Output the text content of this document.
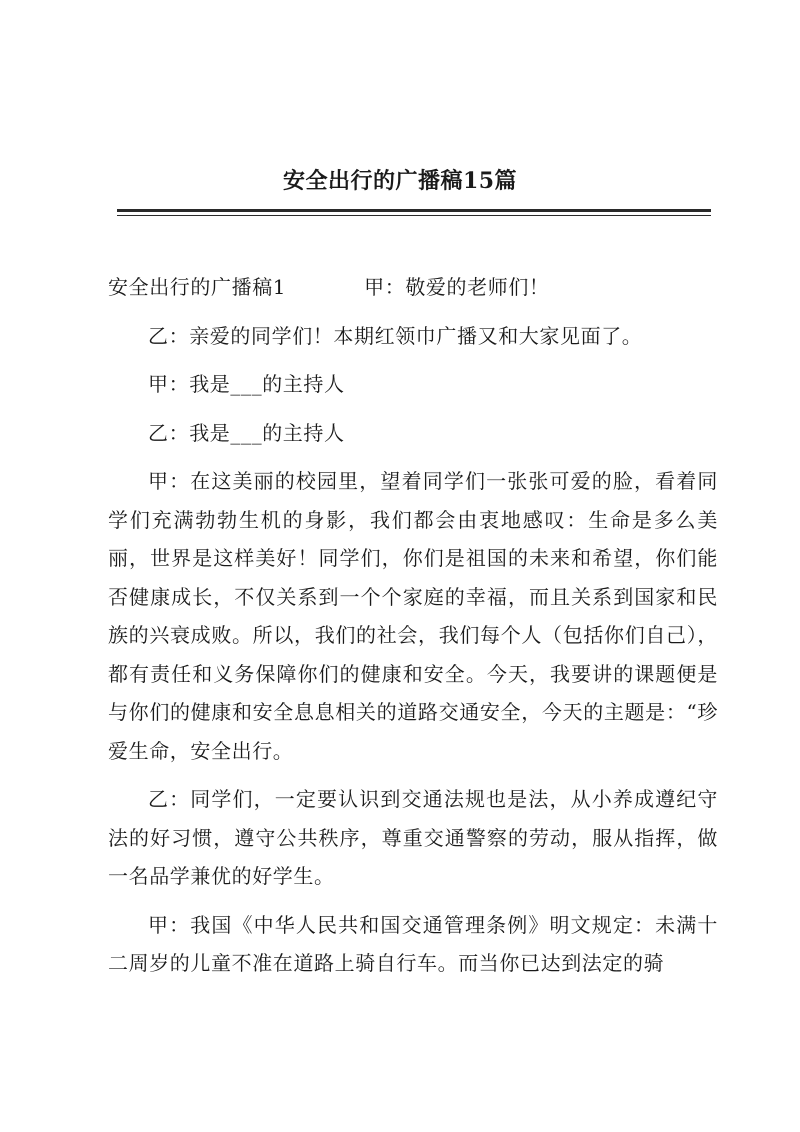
安全出行的广播稿15篇

安全出行的广播稿1	甲：敬爱的老师们！

乙：亲爱的同学们！本期红领巾广播又和大家见面了。

甲：我是___的主持人

乙：我是___的主持人

甲：在这美丽的校园里，望着同学们一张张可爱的脸，看着同学们充满勃勃生机的身影，我们都会由衷地感叹：生命是多么美丽，世界是这样美好！同学们，你们是祖国的未来和希望，你们能否健康成长，不仅关系到一个个家庭的幸福，而且关系到国家和民族的兴衰成败。所以，我们的社会，我们每个人（包括你们自己），都有责任和义务保障你们的健康和安全。今天，我要讲的课题便是与你们的健康和安全息息相关的道路交通安全，今天的主题是：“珍爱生命，安全出行。

乙：同学们，一定要认识到交通法规也是法，从小养成遵纪守法的好习惯，遵守公共秩序，尊重交通警察的劳动，服从指挥，做一名品学兼优的好学生。

甲：我国《中华人民共和国交通管理条例》明文规定：未满十二周岁的儿童不准在道路上骑自行车。而当你已达到法定的骑
